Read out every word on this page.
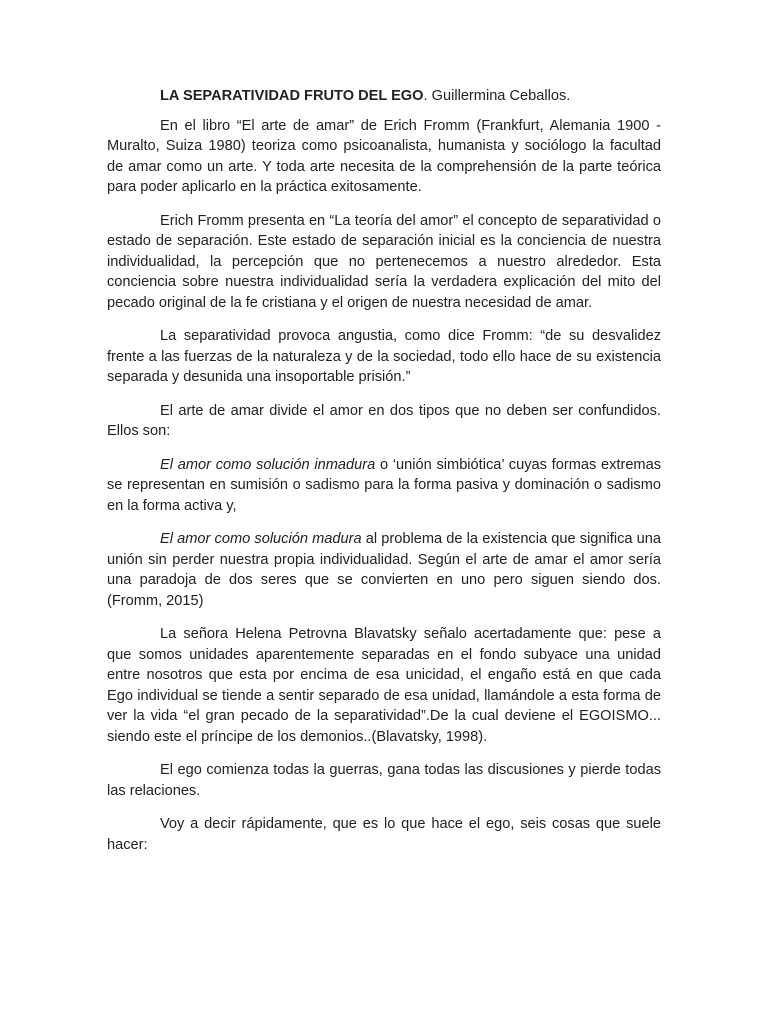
LA SEPARATIVIDAD FRUTO DEL EGO. Guillermina Ceballos.

En el libro “El arte de amar” de Erich Fromm (Frankfurt, Alemania 1900 - Muralto, Suiza 1980) teoriza como psicoanalista, humanista y sociólogo la facultad de amar como un arte. Y toda arte necesita de la comprehensión de la parte teórica para poder aplicarlo en la práctica exitosamente.

Erich Fromm presenta en “La teoría del amor” el concepto de separatividad o estado de separación. Este estado de separación inicial es la conciencia de nuestra individualidad, la percepción que no pertenecemos a nuestro alrededor. Esta conciencia sobre nuestra individualidad sería la verdadera explicación del mito del pecado original de la fe cristiana y el origen de nuestra necesidad de amar.

La separatividad provoca angustia, como dice Fromm: “de su desvalidez frente a las fuerzas de la naturaleza y de la sociedad, todo ello hace de su existencia separada y desunida una insoportable prisión.”

El arte de amar divide el amor en dos tipos que no deben ser confundidos. Ellos son:

El amor como solución inmadura o ‘unión simbiótica’ cuyas formas extremas se representan en sumisión o sadismo para la forma pasiva y dominación o sadismo en la forma activa y,

El amor como solución madura al problema de la existencia que significa una unión sin perder nuestra propia individualidad. Según el arte de amar el amor sería una paradoja de dos seres que se convierten en uno pero siguen siendo dos. (Fromm, 2015)

La señora Helena Petrovna Blavatsky señalo acertadamente que: pese a que somos unidades aparentemente separadas en el fondo subyace una unidad entre nosotros que esta por encima de esa unicidad, el engaño está en que cada Ego individual se tiende a sentir separado de esa unidad, llamándole a esta forma de ver la vida “el gran pecado de la separatividad”.De la cual deviene el EGOISMO... siendo este el príncipe de los demonios..(Blavatsky, 1998).

El ego comienza todas la guerras, gana todas las discusiones y pierde todas las relaciones.

Voy a decir rápidamente, que es lo que hace el ego, seis cosas que suele hacer:
